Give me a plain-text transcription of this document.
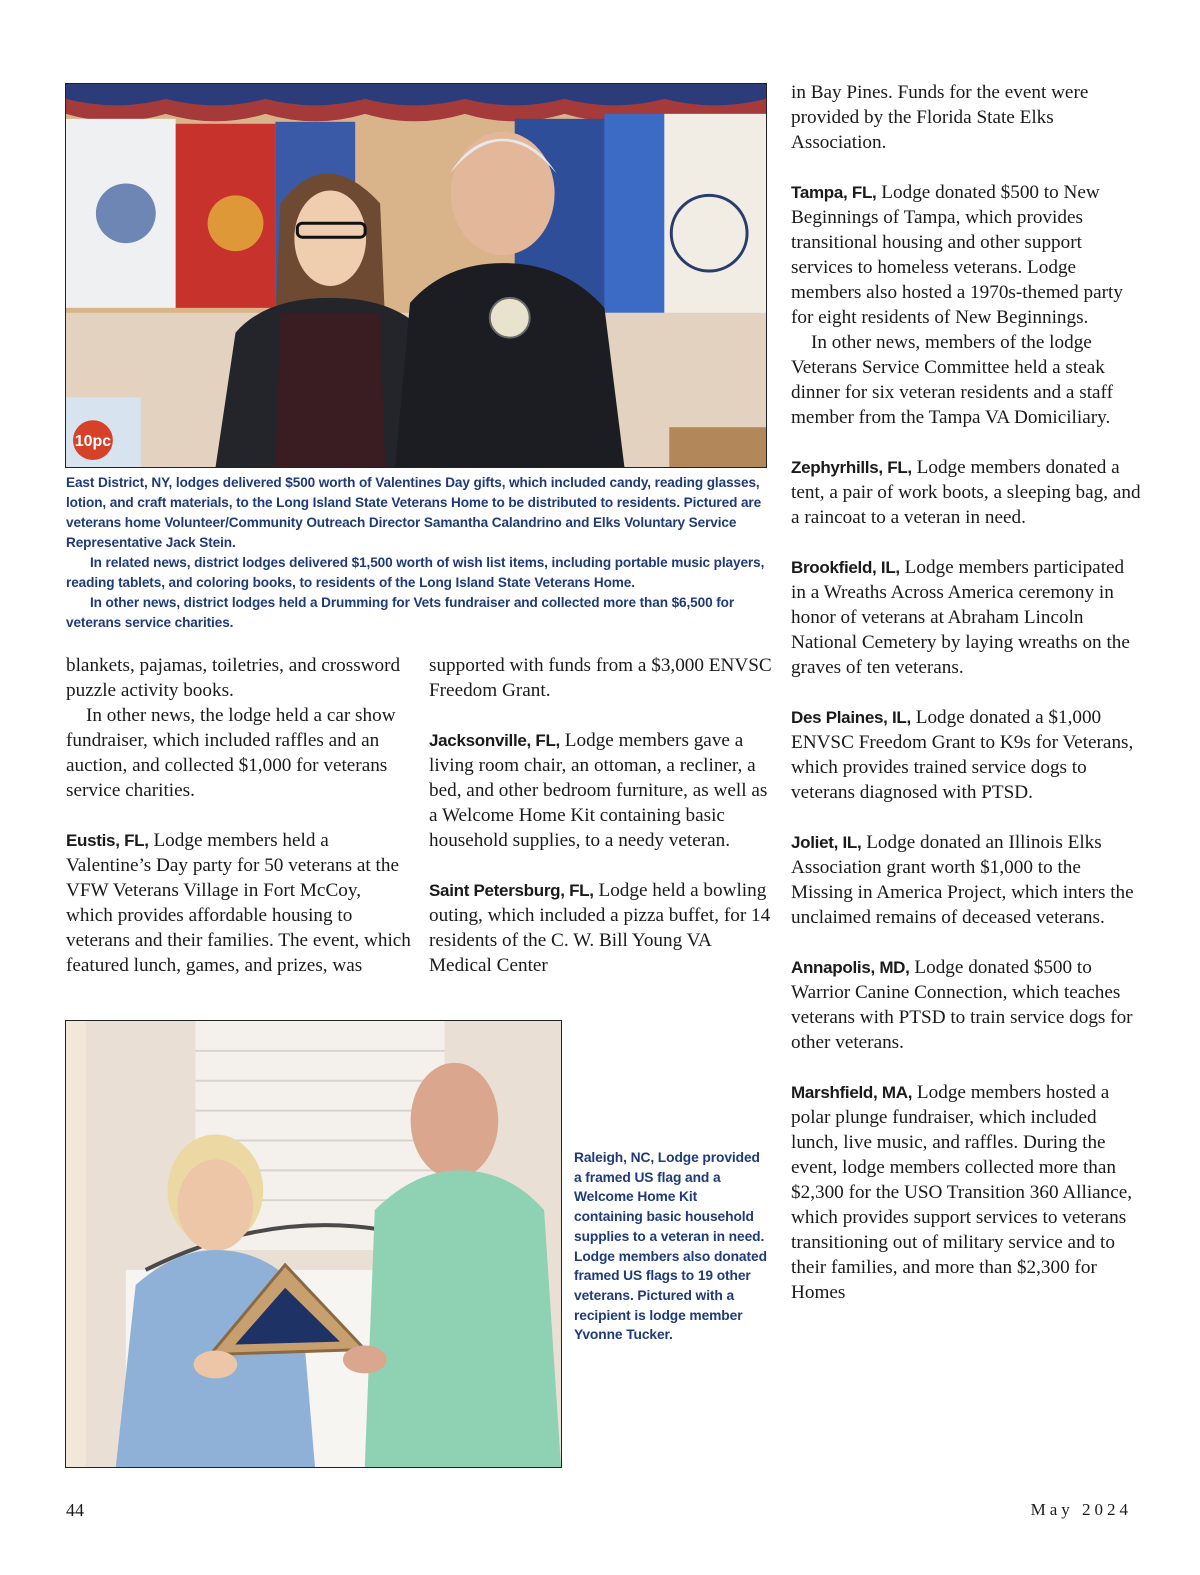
10pc

East District, NY, lodges delivered $500 worth of Valentines Day gifts, which included candy, reading glasses, lotion, and craft materials, to the Long Island State Veterans Home to be distributed to residents. Pictured are veterans home Volunteer/Community Outreach Director Samantha Calandrino and Elks Voluntary Service Representative Jack Stein.

In related news, district lodges delivered $1,500 worth of wish list items, including portable music players, reading tablets, and coloring books, to residents of the Long Island State Veterans Home.

In other news, district lodges held a Drumming for Vets fundraiser and collected more than $6,500 for veterans service charities.

blankets, pajamas, toiletries, and crossword puzzle activity books.

In other news, the lodge held a car show fundraiser, which included raffles and an auction, and collected $1,000 for veterans service charities.

Eustis, FL, Lodge members held a Valentine’s Day party for 50 veterans at the VFW Veterans Village in Fort McCoy, which provides affordable housing to veterans and their families. The event, which featured lunch, games, and prizes, was

supported with funds from a $3,000 ENVSC Freedom Grant.

Jacksonville, FL, Lodge members gave a living room chair, an ottoman, a recliner, a bed, and other bedroom furniture, as well as a Welcome Home Kit containing basic household supplies, to a needy veteran.

Saint Petersburg, FL, Lodge held a bowling outing, which included a pizza buffet, for 14 residents of the C. W. Bill Young VA Medical Center

Raleigh, NC, Lodge provided a framed US flag and a Welcome Home Kit containing basic household supplies to a veteran in need. Lodge members also donated framed US flags to 19 other veterans. Pictured with a recipient is lodge member Yvonne Tucker.

in Bay Pines. Funds for the event were provided by the Florida State Elks Association.

Tampa, FL, Lodge donated $500 to New Beginnings of Tampa, which provides transitional housing and other support services to homeless veterans. Lodge members also hosted a 1970s-themed party for eight residents of New Beginnings.

In other news, members of the lodge Veterans Service Committee held a steak dinner for six veteran residents and a staff member from the Tampa VA Domiciliary.

Zephyrhills, FL, Lodge members donated a tent, a pair of work boots, a sleeping bag, and a raincoat to a veteran in need.

Brookfield, IL, Lodge members participated in a Wreaths Across America ceremony in honor of veterans at Abraham Lincoln National Cemetery by laying wreaths on the graves of ten veterans.

Des Plaines, IL, Lodge donated a $1,000 ENVSC Freedom Grant to K9s for Veterans, which provides trained service dogs to veterans diagnosed with PTSD.

Joliet, IL, Lodge donated an Illinois Elks Association grant worth $1,000 to the Missing in America Project, which inters the unclaimed remains of deceased veterans.

Annapolis, MD, Lodge donated $500 to Warrior Canine Connection, which teaches veterans with PTSD to train service dogs for other veterans.

Marshfield, MA, Lodge members hosted a polar plunge fundraiser, which included lunch, live music, and raffles. During the event, lodge members collected more than $2,300 for the USO Transition 360 Alliance, which provides support services to veterans transitioning out of military service and to their families, and more than $2,300 for Homes

44	May 2024
